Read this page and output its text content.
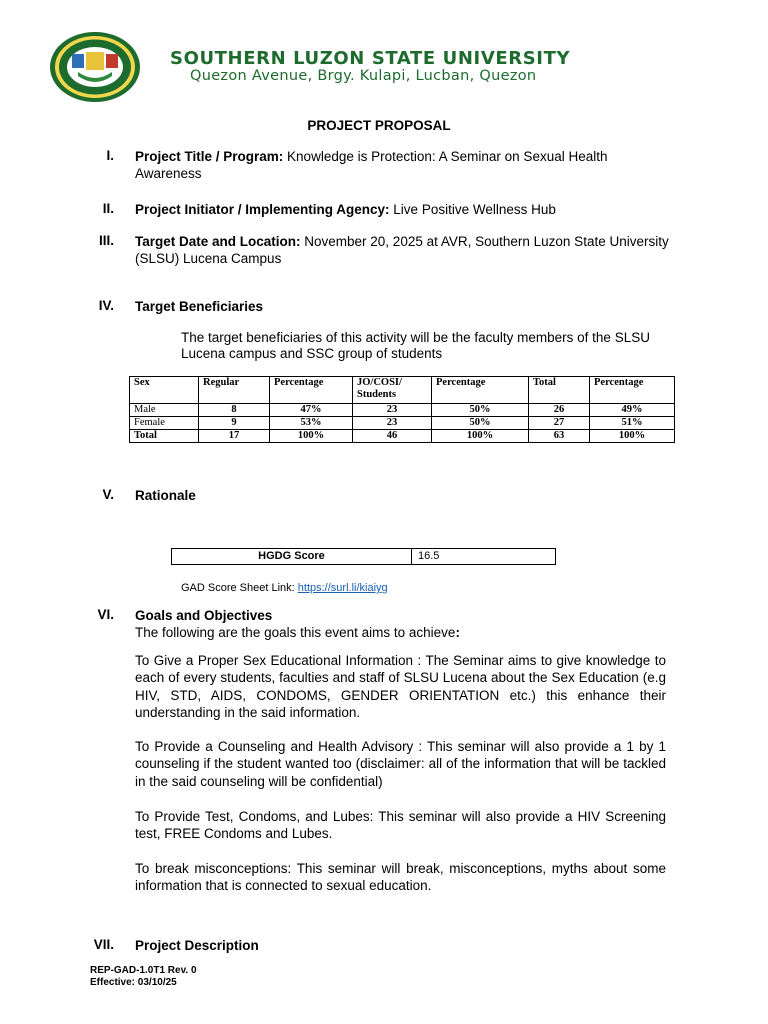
1964
SOUTHERN LUZON STATE UNIVERSITY
Quezon Avenue, Brgy. Kulapi, Lucban, Quezon
PROJECT PROPOSAL
I. Project Title / Program: Knowledge is Protection: A Seminar on Sexual Health Awareness
II. Project Initiator / Implementing Agency: Live Positive Wellness Hub
III. Target Date and Location: November 20, 2025 at AVR, Southern Luzon State University (SLSU) Lucena Campus
IV. Target Beneficiaries
The target beneficiaries of this activity will be the faculty members of the SLSU Lucena campus and SSC group of students
Sex	Regular	Percentage	JO/COSI/ Students	Percentage	Total	Percentage
Male	8	47%	23	50%	26	49%
Female	9	53%	23	50%	27	51%
Total	17	100%	46	100%	63	100%
V. Rationale
HGDG Score	16.5
GAD Score Sheet Link: https://surl.li/kiaiyg
VI. Goals and Objectives
The following are the goals this event aims to achieve:
To Give a Proper Sex Educational Information : The Seminar aims to give knowledge to each of every students, faculties and staff of SLSU Lucena about the Sex Education (e.g HIV, STD, AIDS, CONDOMS, GENDER ORIENTATION etc.) this enhance their understanding in the said information.
To Provide a Counseling and Health Advisory : This seminar will also provide a 1 by 1 counseling if the student wanted too (disclaimer: all of the information that will be tackled in the said counseling will be confidential)
To Provide Test, Condoms, and Lubes: This seminar will also provide a HIV Screening test, FREE Condoms and Lubes.
To break misconceptions: This seminar will break, misconceptions, myths about some information that is connected to sexual education.
VII. Project Description
REP-GAD-1.0T1 Rev. 0
Effective: 03/10/25
